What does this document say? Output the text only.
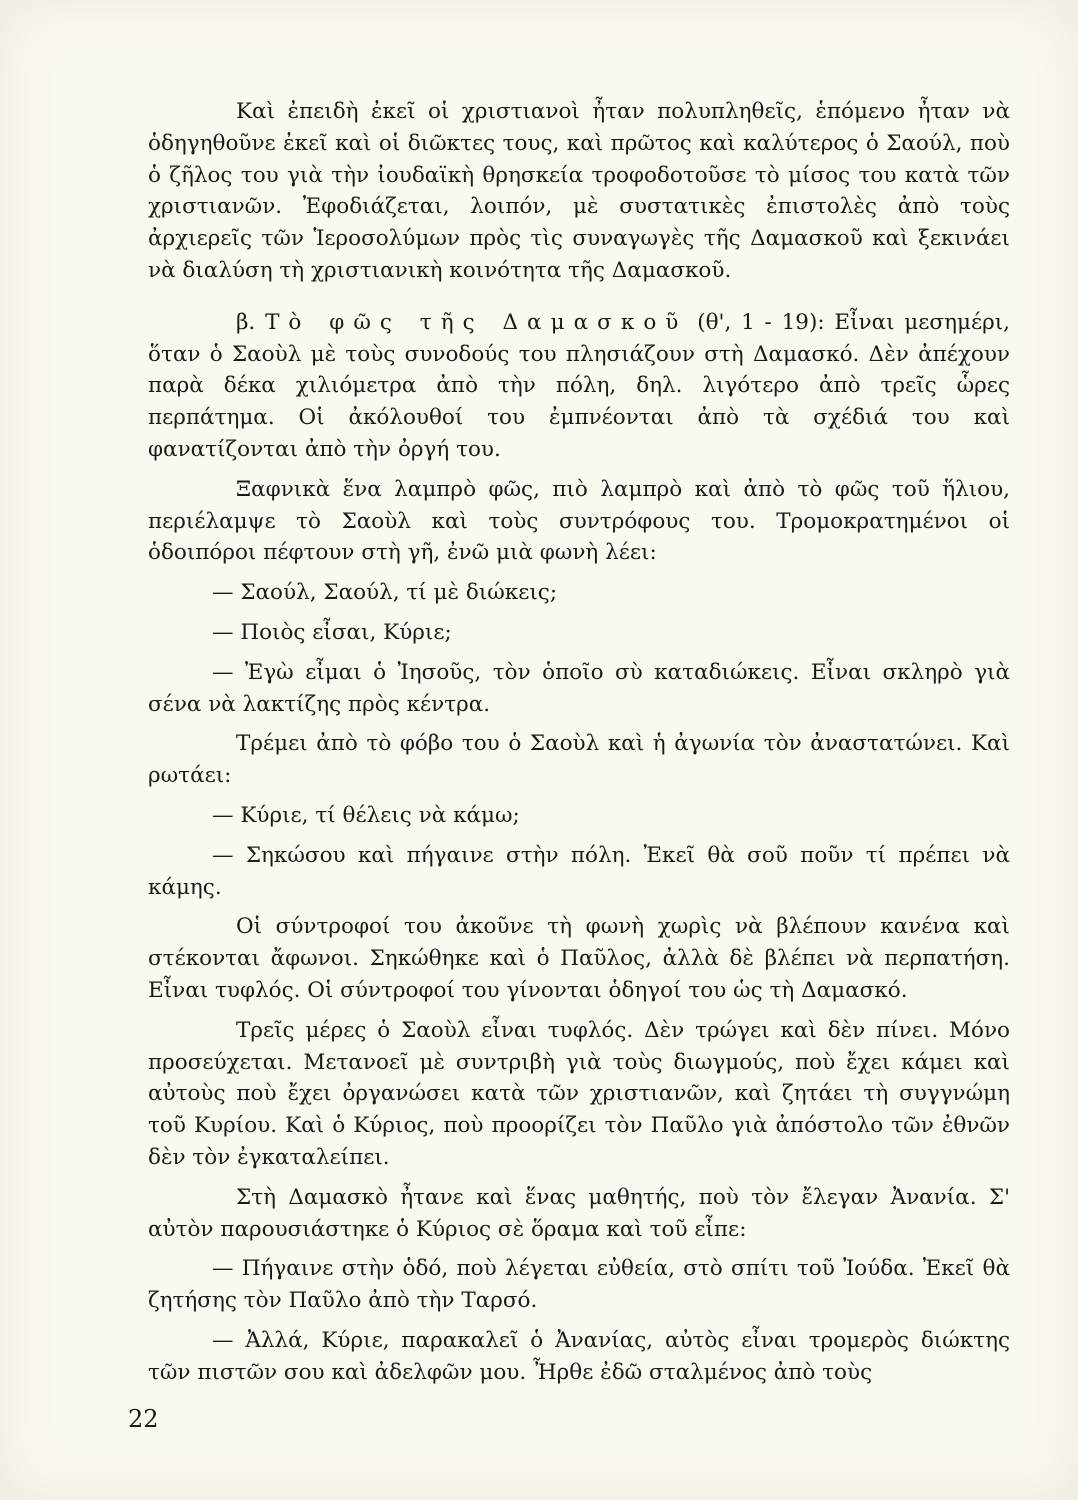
Καὶ ἐπειδὴ ἐκεῖ οἱ χριστιανοὶ ἦταν πολυπληθεῖς, ἑπόμενο ἦταν νὰ ὁδηγηθοῦνε ἐκεῖ καὶ οἱ διῶκτες τους, καὶ πρῶτος καὶ καλύτερος ὁ Σαούλ, ποὺ ὁ ζῆλος του γιὰ τὴν ἰουδαϊκὴ θρησκεία τροφοδοτοῦσε τὸ μίσος του κατὰ τῶν χριστιανῶν. Ἐφοδιάζεται, λοιπόν, μὲ συστατικὲς ἐπιστολὲς ἀπὸ τοὺς ἀρχιερεῖς τῶν Ἱεροσολύμων πρὸς τὶς συναγωγὲς τῆς Δαμασκοῦ καὶ ξεκινάει νὰ διαλύση τὴ χριστιανικὴ κοινότητα τῆς Δαμασκοῦ.

β. Τὸ φῶς τῆς Δαμασκοῦ (θ', 1 - 19): Εἶναι μεσημέρι, ὅταν ὁ Σαοὺλ μὲ τοὺς συνοδούς του πλησιάζουν στὴ Δαμασκό. Δὲν ἀπέχουν παρὰ δέκα χιλιόμετρα ἀπὸ τὴν πόλη, δηλ. λιγότερο ἀπὸ τρεῖς ὧρες περπάτημα. Οἱ ἀκόλουθοί του ἐμπνέονται ἀπὸ τὰ σχέδιά του καὶ φανατίζονται ἀπὸ τὴν ὀργή του.

Ξαφνικὰ ἕνα λαμπρὸ φῶς, πιὸ λαμπρὸ καὶ ἀπὸ τὸ φῶς τοῦ ἥλιου, περιέλαμψε τὸ Σαοὺλ καὶ τοὺς συντρόφους του. Τρομοκρατημένοι οἱ ὁδοιπόροι πέφτουν στὴ γῆ, ἐνῶ μιὰ φωνὴ λέει:

— Σαούλ, Σαούλ, τί μὲ διώκεις;

— Ποιὸς εἶσαι, Κύριε;

— Ἐγὼ εἶμαι ὁ Ἰησοῦς, τὸν ὁποῖο σὺ καταδιώκεις. Εἶναι σκληρὸ γιὰ σένα νὰ λακτίζης πρὸς κέντρα.

Τρέμει ἀπὸ τὸ φόβο του ὁ Σαοὺλ καὶ ἡ ἀγωνία τὸν ἀναστατώνει. Καὶ ρωτάει:

— Κύριε, τί θέλεις νὰ κάμω;

— Σηκώσου καὶ πήγαινε στὴν πόλη. Ἐκεῖ θὰ σοῦ ποῦν τί πρέπει νὰ κάμης.

Οἱ σύντροφοί του ἀκοῦνε τὴ φωνὴ χωρὶς νὰ βλέπουν κανένα καὶ στέκονται ἄφωνοι. Σηκώθηκε καὶ ὁ Παῦλος, ἀλλὰ δὲ βλέπει νὰ περπατήση. Εἶναι τυφλός. Οἱ σύντροφοί του γίνονται ὁδηγοί του ὡς τὴ Δαμασκό.

Τρεῖς μέρες ὁ Σαοὺλ εἶναι τυφλός. Δὲν τρώγει καὶ δὲν πίνει. Μόνο προσεύχεται. Μετανοεῖ μὲ συντριβὴ γιὰ τοὺς διωγμούς, ποὺ ἔχει κάμει καὶ αὐτοὺς ποὺ ἔχει ὀργανώσει κατὰ τῶν χριστιανῶν, καὶ ζητάει τὴ συγγνώμη τοῦ Κυρίου. Καὶ ὁ Κύριος, ποὺ προορίζει τὸν Παῦλο γιὰ ἀπόστολο τῶν ἐθνῶν δὲν τὸν ἐγκαταλείπει.

Στὴ Δαμασκὸ ἦτανε καὶ ἕνας μαθητής, ποὺ τὸν ἔλεγαν Ἀνανία. Σ' αὐτὸν παρουσιάστηκε ὁ Κύριος σὲ ὅραμα καὶ τοῦ εἶπε:

— Πήγαινε στὴν ὁδό, ποὺ λέγεται εὐθεία, στὸ σπίτι τοῦ Ἰούδα. Ἐκεῖ θὰ ζητήσης τὸν Παῦλο ἀπὸ τὴν Ταρσό.

— Ἀλλά, Κύριε, παρακαλεῖ ὁ Ἀνανίας, αὐτὸς εἶναι τρομερὸς διώκτης τῶν πιστῶν σου καὶ ἀδελφῶν μου. Ἦρθε ἐδῶ σταλμένος ἀπὸ τοὺς

22
